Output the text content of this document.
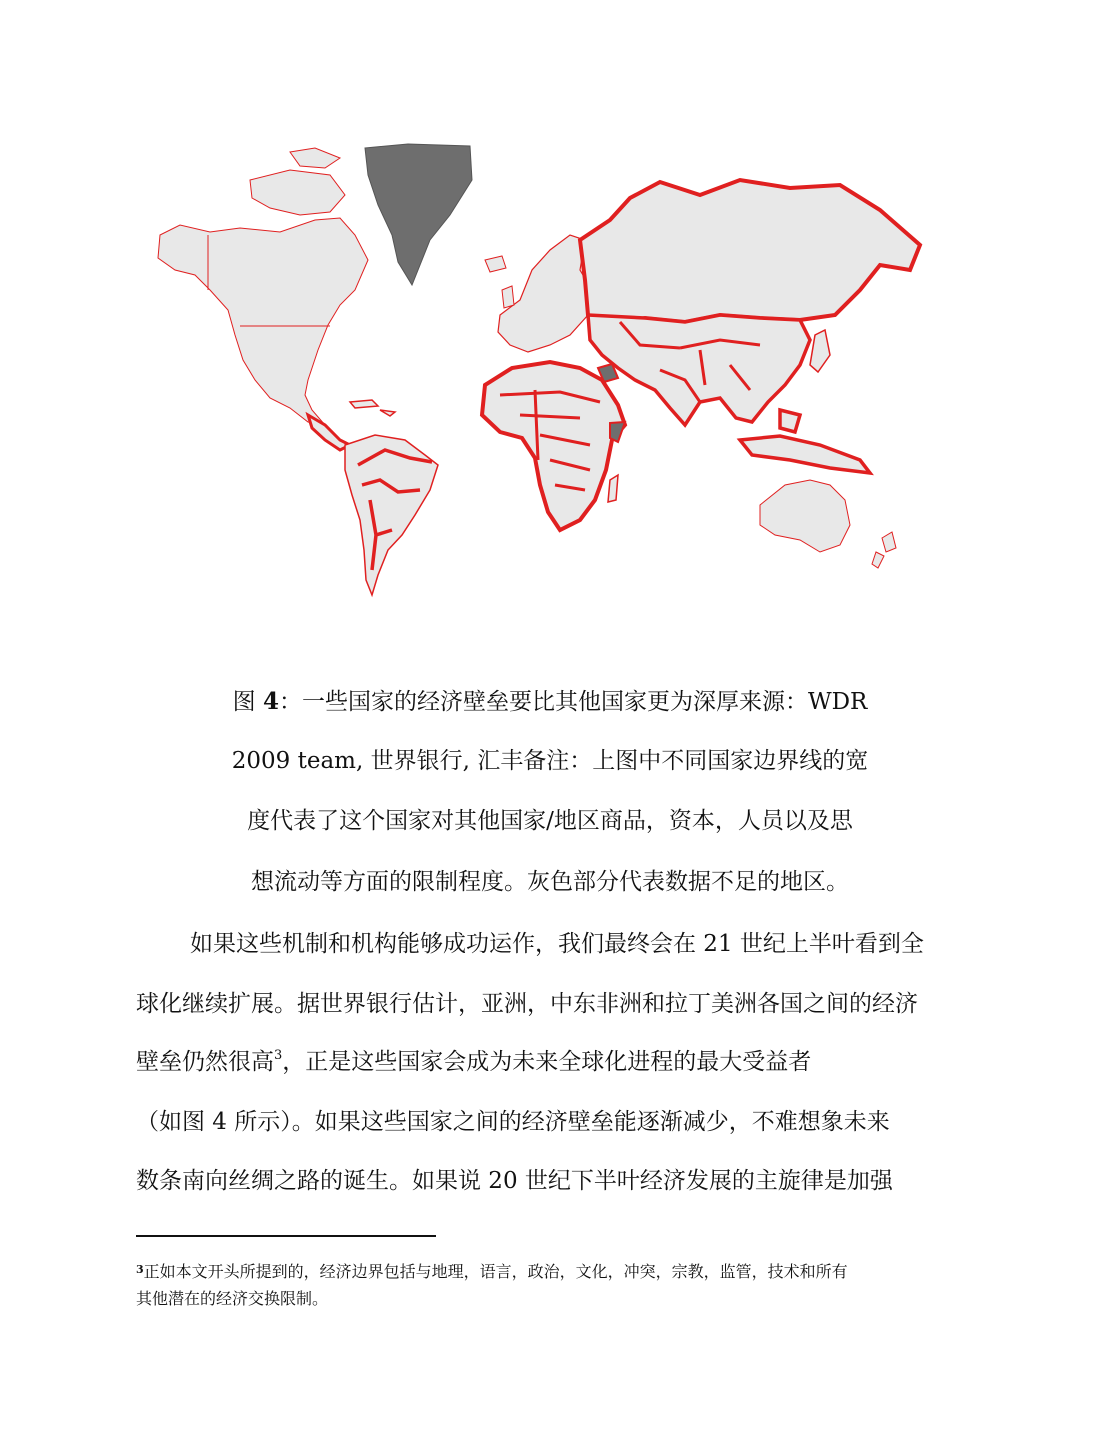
图 4：一些国家的经济壁垒要比其他国家更为深厚来源：WDR
2009 team, 世界银行, 汇丰备注：上图中不同国家边界线的宽
度代表了这个国家对其他国家/地区商品，资本，人员以及思
想流动等方面的限制程度。灰色部分代表数据不足的地区。
如果这些机制和机构能够成功运作，我们最终会在 21 世纪上半叶看到全
球化继续扩展。据世界银行估计，亚洲，中东非洲和拉丁美洲各国之间的经济
壁垒仍然很高$^3$，正是这些国家会成为未来全球化进程的最大受益者
（如图 4 所示）。如果这些国家之间的经济壁垒能逐渐减少，不难想象未来
数条南向丝绸之路的诞生。如果说 20 世纪下半叶经济发展的主旋律是加强
$^3$正如本文开头所提到的，经济边界包括与地理，语言，政治，文化，冲突，宗教，监管，技术和所有
其他潜在的经济交换限制。
